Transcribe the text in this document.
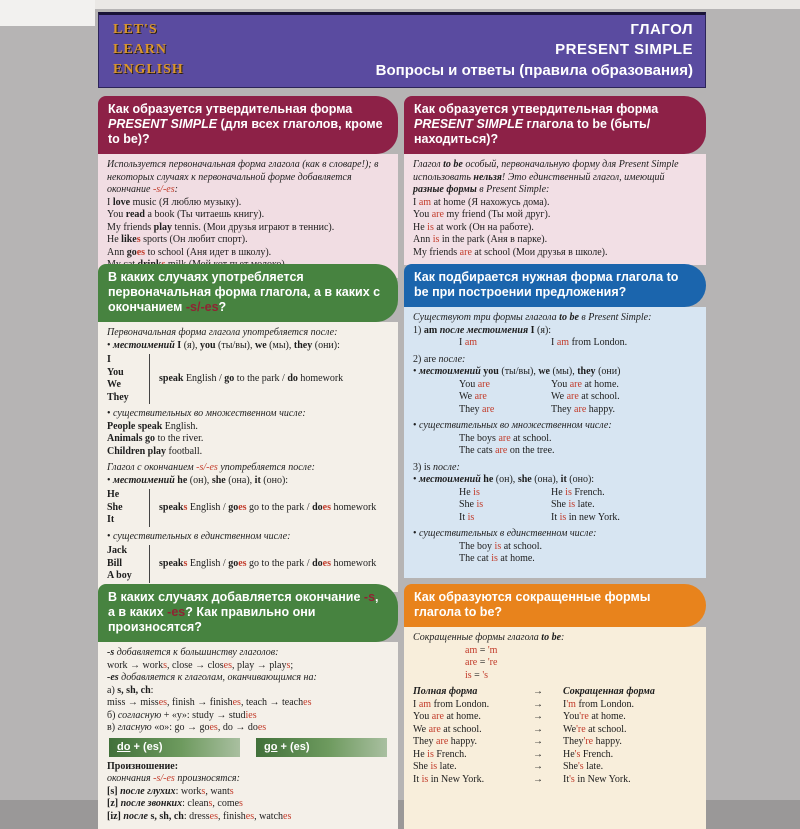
LET'S
LEARN
ENGLISH
ГЛАГОЛ
PRESENT SIMPLE
Вопросы и ответы (правила образования)
Как образуется утвердительная форма PRESENT SIMPLE (для всех глаголов, кроме to be)?
Используется первоначальная форма глагола (как в словаре!); в некоторых случаях к первоначальной форме добавляется окончание -s/-es:
I love music (Я люблю музыку).
You read a book (Ты читаешь книгу).
My friends play tennis. (Мои друзья играют в теннис).
He likes sports (Он любит спорт).
Ann goes to school (Аня идет в школу).
Как образуется утвердительная форма PRESENT SIMPLE глагола to be (быть/находиться)?
Глагол to be особый, первоначальную форму для Present Simple использовать нельзя! Это единственный глагол, имеющий разные формы в Present Simple:
I am at home (Я нахожусь дома).
You are my friend (Ты мой друг).
He is at work (Он на работе).
Ann is in the park (Аня в парке).
My friends are at school (Мои друзья в школе).
В каких случаях употребляется первоначальная форма глагола, а в каких с окончанием -s/-es?
Первоначальная форма глагола употребляется после:
• местоимений I (я), you (ты/вы), we (мы), they (они):
I
You
We
They
speak English / go to the park / do homework
• существительных во множественном числе:
People speak English.
Animals go to the river.
Children play football.
Глагол с окончанием -s/-es употребляется после:
• местоимений he (он), she (она), it (оно):
He
She
It
speaks English / goes go to the park / does homework
• существительных в единственном числе:
Jack
Bill
A boy
speaks English / goes go to the park / does homework
Как подбирается нужная форма глагола to be при построении предложения?
Существуют три формы глагола to be в Present Simple:
1) am после местоимения I (я):
I am	I am from London.
2) are после:
• местоимений you (ты/вы), we (мы), they (они)
You are	You are at home.
We are	We are at school.
They are	They are happy.
• существительных во множественном числе:
The boys are at school.
The cats are on the tree.
3) is после:
• местоимений he (он), she (она), it (оно):
He is	He is French.
She is	She is late.
It is	It is in new York.
• существительных в единственном числе:
The boy is at school.
The cat is at home.
В каких случаях добавляется окончание -s, а в каких -es? Как правильно они произносятся?
-s добавляется к большинству глаголов:
work → works, close → closes, play → plays;
-es добавляется к глаголам, оканчивающимся на:
а) s, sh, ch:
miss → misses, finish → finishes, teach → teaches
б) согласную + «y»: study → studies
в) гласную «о»: go → goes, do → does
do + (es)	go + (es)
Произношение:
окончания -s/-es произносятся:
[s] после глухих: works, wants
[z] после звонких: cleans, comes
[iz] после s, sh, ch: dresses, finishes, watches
Как образуются сокращенные формы глагола to be?
Сокращенные формы глагола to be:
am = 'm
are = 're
is = 's
Полная форма	→	Сокращенная форма
I am from London.	→	I'm from London.
You are at home.	→	You're at home.
We are at school.	→	We're at school.
They are happy.	→	They're happy.
He is French.	→	He's French.
She is late.	→	She's late.
It is in New York.	→	It's in New York.
